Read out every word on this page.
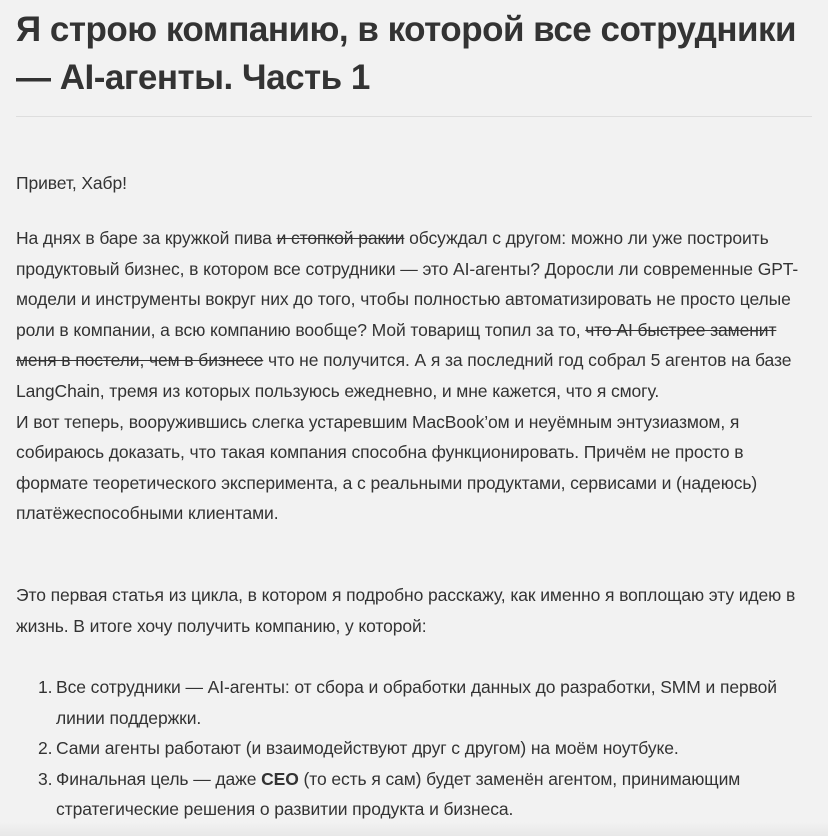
Я строю компанию, в которой все сотрудники — AI-агенты. Часть 1

Привет, Хабр!

На днях в баре за кружкой пива и стопкой ракии обсуждал с другом: можно ли уже построить продуктовый бизнес, в котором все сотрудники — это AI-агенты? Доросли ли современные GPT-модели и инструменты вокруг них до того, чтобы полностью автоматизировать не просто целые роли в компании, а всю компанию вообще? Мой товарищ топил за то, что AI быстрее заменит меня в постели, чем в бизнесе что не получится. А я за последний год собрал 5 агентов на базе LangChain, тремя из которых пользуюсь ежедневно, и мне кажется, что я смогу.

И вот теперь, вооружившись слегка устаревшим MacBook’ом и неуёмным энтузиазмом, я собираюсь доказать, что такая компания способна функционировать. Причём не просто в формате теоретического эксперимента, а с реальными продуктами, сервисами и (надеюсь) платёжеспособными клиентами.

Это первая статья из цикла, в котором я подробно расскажу, как именно я воплощаю эту идею в жизнь. В итоге хочу получить компанию, у которой:

1. Все сотрудники — AI-агенты: от сбора и обработки данных до разработки, SMM и первой линии поддержки.
2. Сами агенты работают (и взаимодействуют друг с другом) на моём ноутбуке.
3. Финальная цель — даже CEO (то есть я сам) будет заменён агентом, принимающим стратегические решения о развитии продукта и бизнеса.
